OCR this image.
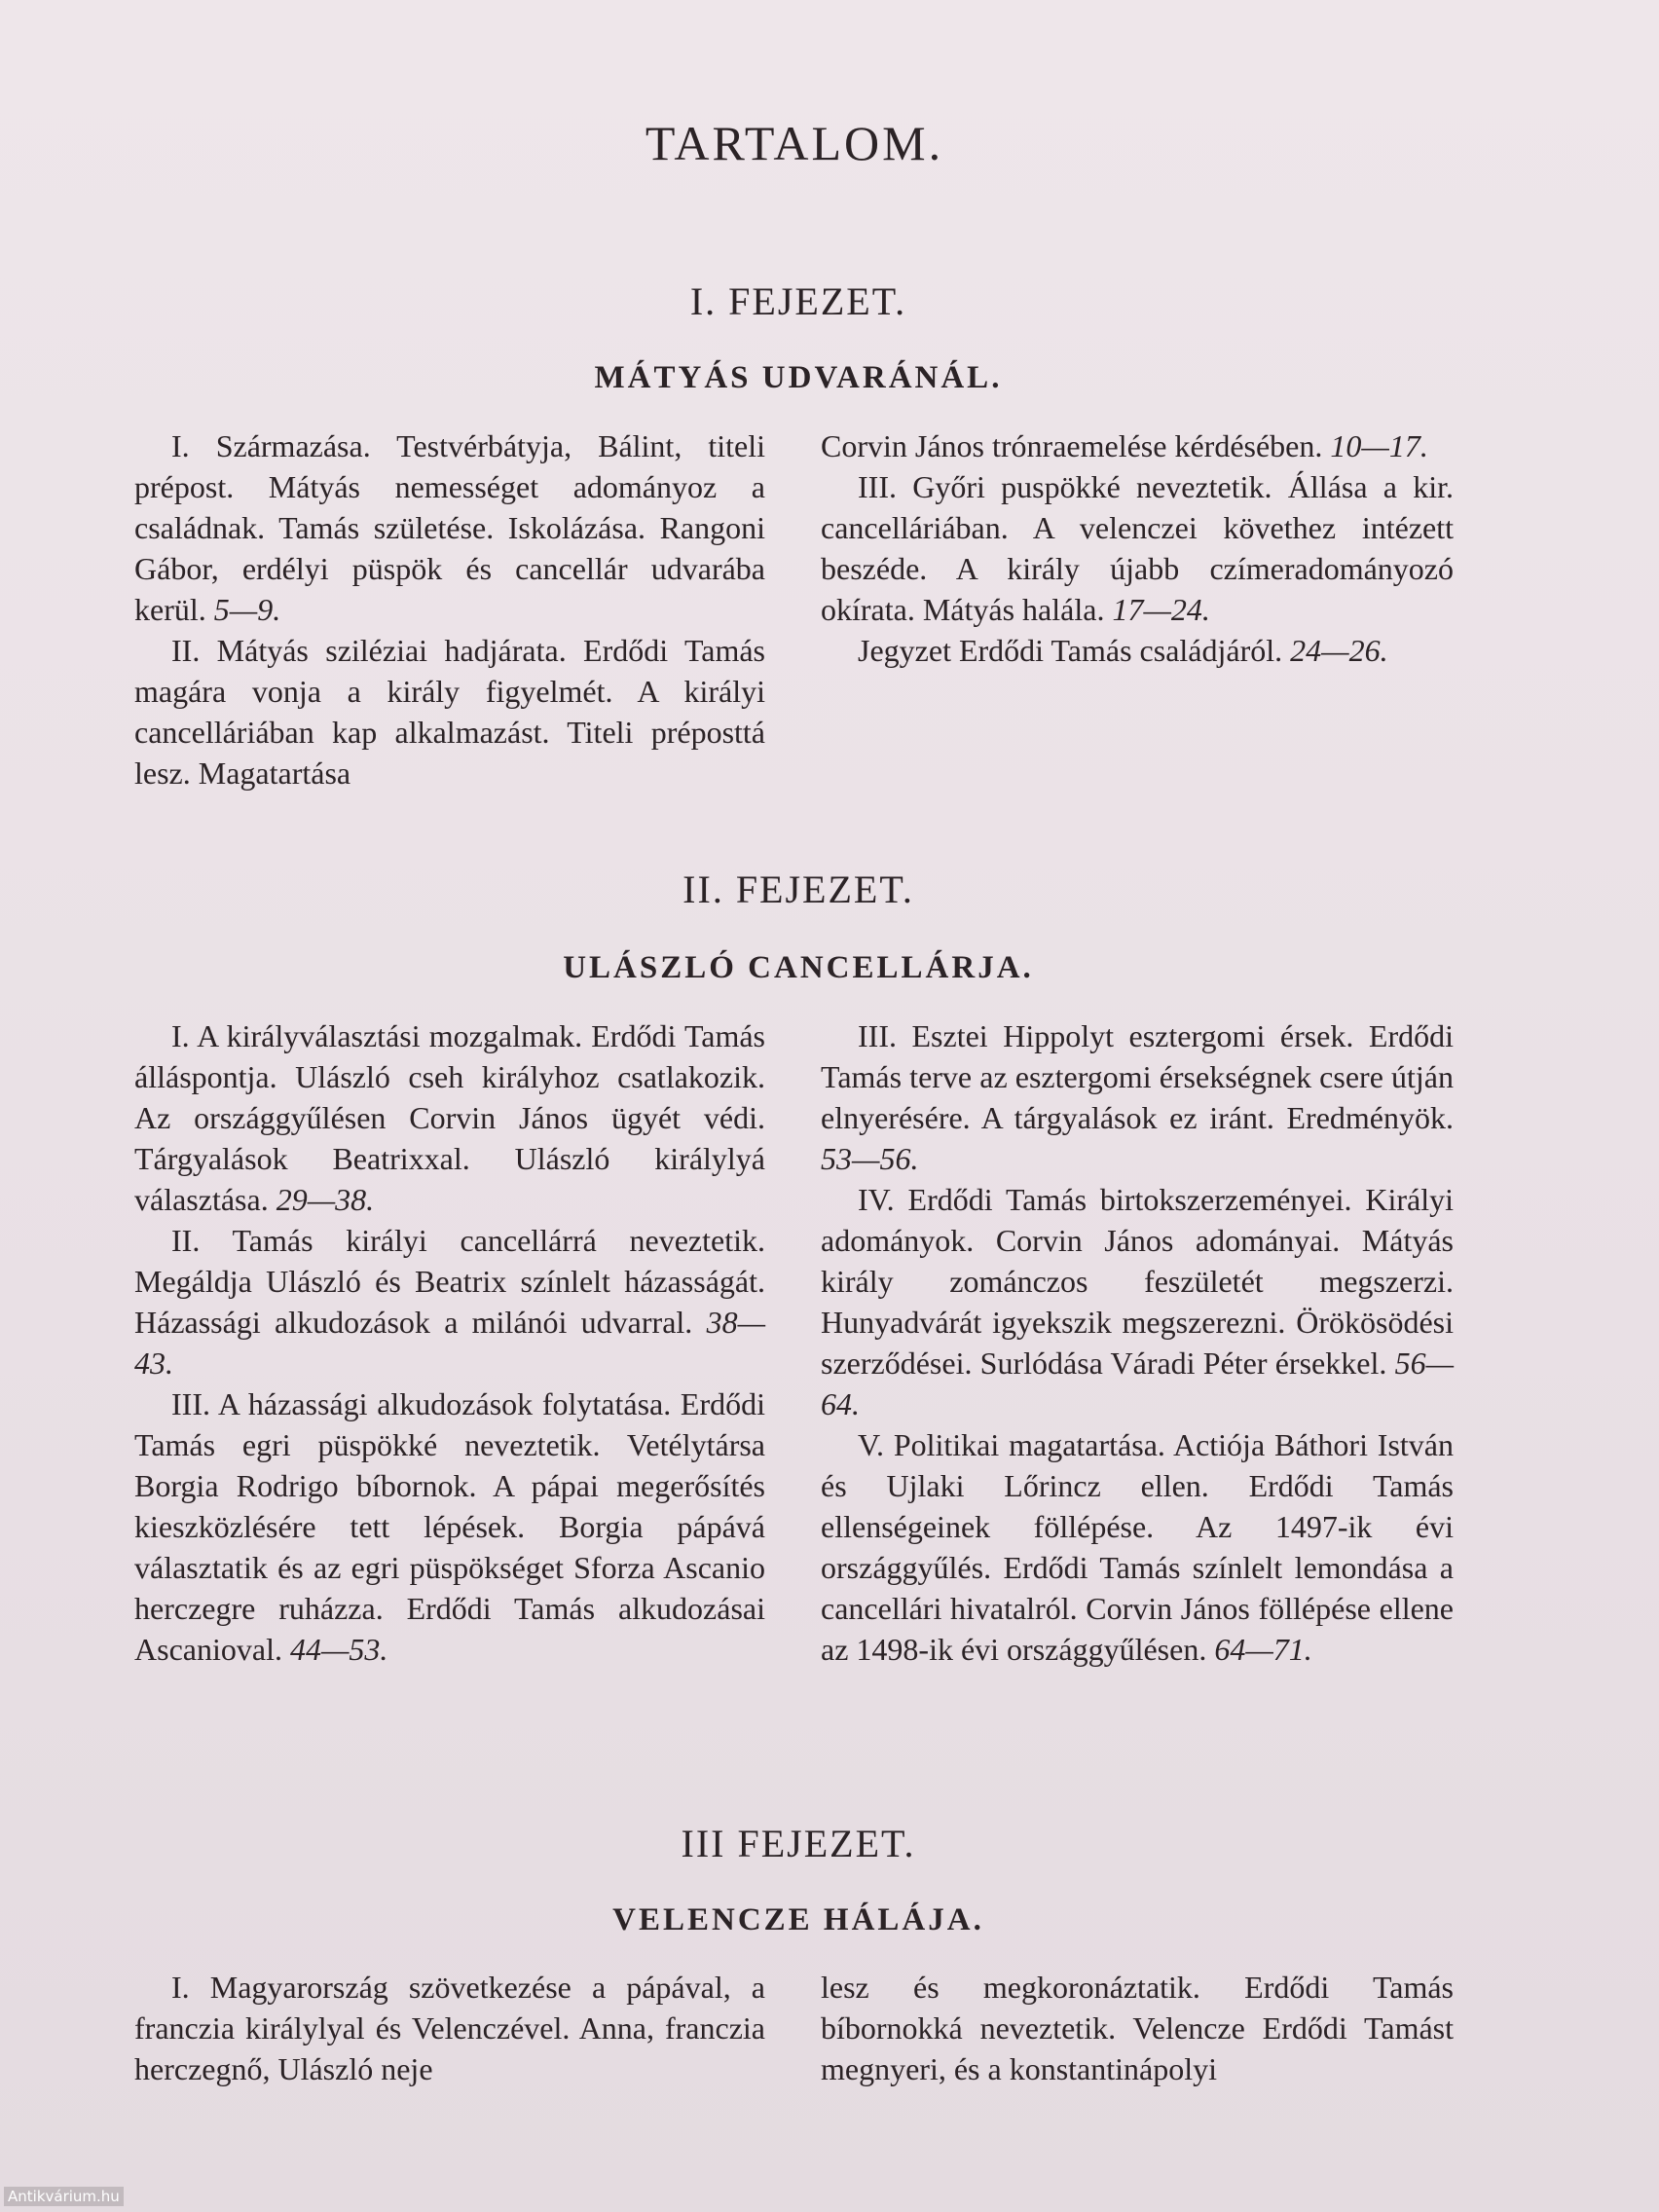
TARTALOM.
I. FEJEZET.
MÁTYÁS UDVARÁNÁL.

I. Származása. Testvérbátyja, Bálint, titeli prépost. Mátyás nemességet adományoz a családnak. Tamás születése. Iskolázása. Rangoni Gábor, erdélyi püspök és cancellár udvarába kerül. 5—9.

II. Mátyás sziléziai hadjárata. Erdődi Tamás magára vonja a király figyelmét. A királyi cancelláriában kap alkalmazást. Titeli préposttá lesz. Magatartása

Corvin János trónraemelése kérdésében. 10—17.

III. Győri puspökké neveztetik. Állása a kir. cancelláriában. A velenczei követhez intézett beszéde. A király újabb czímeradományozó okírata. Mátyás halála. 17—24.

Jegyzet Erdődi Tamás családjáról. 24—26.

II. FEJEZET.
ULÁSZLÓ CANCELLÁRJA.

I. A királyválasztási mozgalmak. Erdődi Tamás álláspontja. Ulászló cseh királyhoz csatlakozik. Az országgyűlésen Corvin János ügyét védi. Tárgyalások Beatrixxal. Ulászló királylyá választása. 29—38.

II. Tamás királyi cancellárrá neveztetik. Megáldja Ulászló és Beatrix színlelt házasságát. Házassági alkudozások a milánói udvarral. 38—43.

III. A házassági alkudozások folytatása. Erdődi Tamás egri püspökké neveztetik. Vetélytársa Borgia Rodrigo bíbornok. A pápai megerősítés kieszközlésére tett lépések. Borgia pápává választatik és az egri püspökséget Sforza Ascanio herczegre ruházza. Erdődi Tamás alkudozásai Ascanioval. 44—53.

III. Esztei Hippolyt esztergomi érsek. Erdődi Tamás terve az esztergomi érsekségnek csere útján elnyerésére. A tárgyalások ez iránt. Eredményök. 53—56.

IV. Erdődi Tamás birtokszerzeményei. Királyi adományok. Corvin János adományai. Mátyás király zománczos feszületét megszerzi. Hunyadvárát igyekszik megszerezni. Örökösödési szerződései. Surlódása Váradi Péter érsekkel. 56—64.

V. Politikai magatartása. Actiója Báthori István és Ujlaki Lőrincz ellen. Erdődi Tamás ellenségeinek föllépése. Az 1497-ik évi országgyűlés. Erdődi Tamás színlelt lemondása a cancellári hivatalról. Corvin János föllépése ellene az 1498-ik évi országgyűlésen. 64—71.

III FEJEZET.
VELENCZE HÁLÁJA.

I. Magyarország szövetkezése a pápával, a franczia királylyal és Velenczével. Anna, franczia herczegnő, Ulászló neje

lesz és megkoronáztatik. Erdődi Tamás bíbornokká neveztetik. Velencze Erdődi Tamást megnyeri, és a konstantinápolyi

Antikvárium.hu
